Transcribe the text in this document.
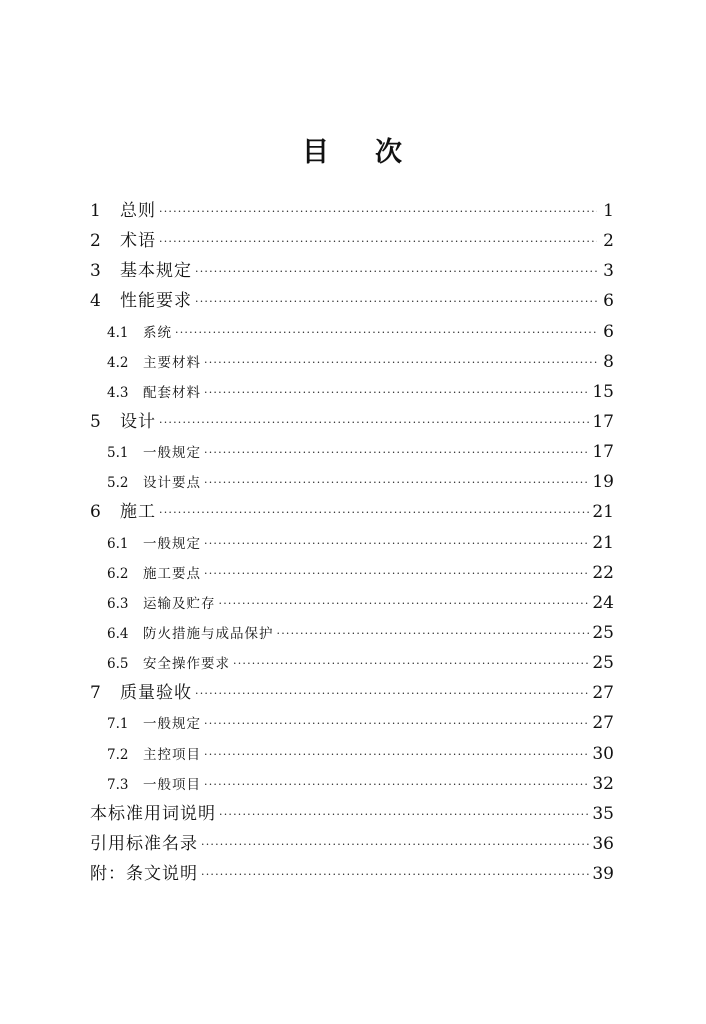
目 次
1	总则 ·····	1
2	术语 ·····	2
3	基本规定 ·····	3
4	性能要求 ·····	6
4.1	系统 ·····	6
4.2	主要材料 ·····	8
4.3	配套材料 ·····	15
5	设计 ·····	17
5.1	一般规定 ·····	17
5.2	设计要点 ·····	19
6	施工 ·····	21
6.1	一般规定 ·····	21
6.2	施工要点 ·····	22
6.3	运输及贮存 ·····	24
6.4	防火措施与成品保护 ·····	25
6.5	安全操作要求 ·····	25
7	质量验收 ·····	27
7.1	一般规定 ·····	27
7.2	主控项目 ·····	30
7.3	一般项目 ·····	32
本标准用词说明 ·····	35
引用标准名录 ·····	36
附：条文说明 ·····	39
